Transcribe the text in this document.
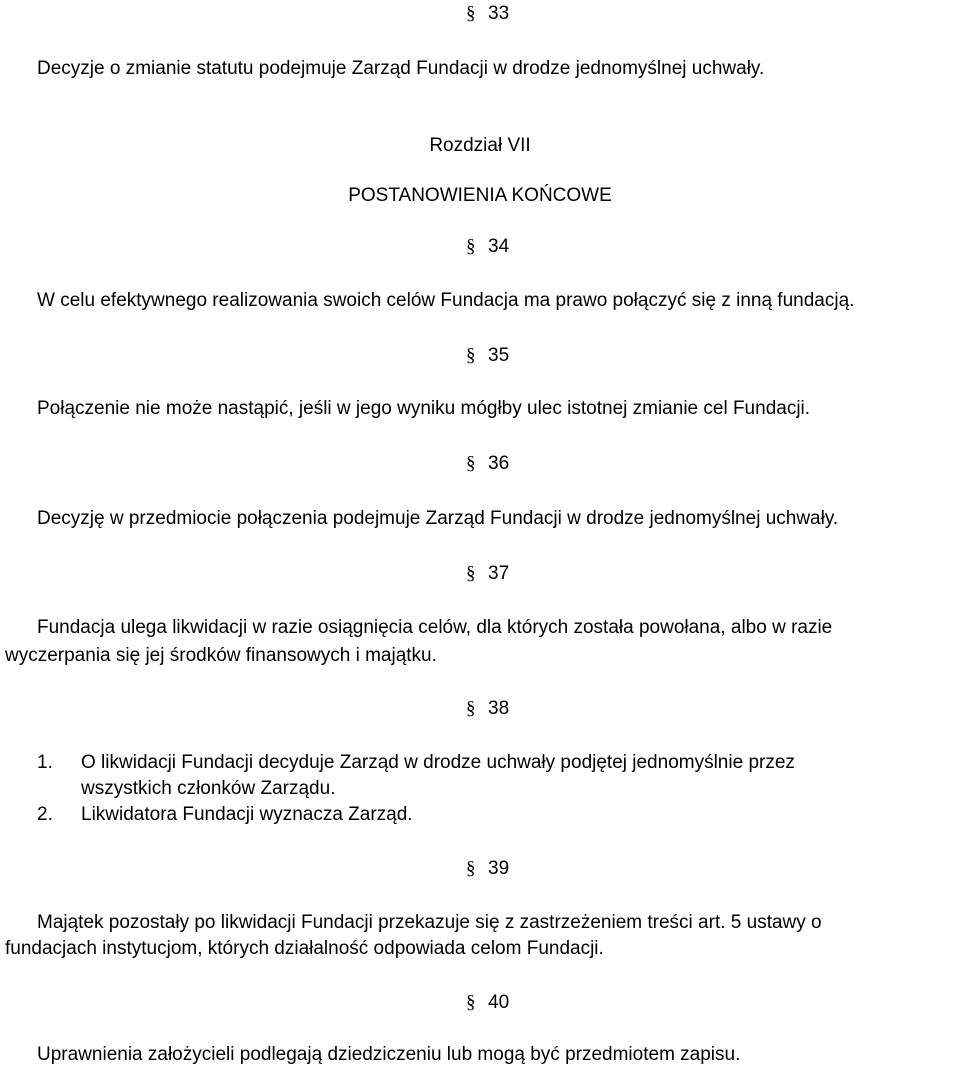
§ 33
Decyzje o zmianie statutu podejmuje Zarząd Fundacji w drodze jednomyślnej uchwały.
Rozdział VII
POSTANOWIENIA KOŃCOWE
§ 34
W celu efektywnego realizowania swoich celów Fundacja ma prawo połączyć się z inną fundacją.
§ 35
Połączenie nie może nastąpić, jeśli w jego wyniku mógłby ulec istotnej zmianie cel Fundacji.
§ 36
Decyzję w przedmiocie połączenia podejmuje Zarząd Fundacji w drodze jednomyślnej uchwały.
§ 37
Fundacja ulega likwidacji w razie osiągnięcia celów, dla których została powołana, albo w razie
wyczerpania się jej środków finansowych i majątku.
§ 38
1. O likwidacji Fundacji decyduje Zarząd w drodze uchwały podjętej jednomyślnie przez
wszystkich członków Zarządu.
2. Likwidatora Fundacji wyznacza Zarząd.
§ 39
Majątek pozostały po likwidacji Fundacji przekazuje się z zastrzeżeniem treści art. 5 ustawy o
fundacjach instytucjom, których działalność odpowiada celom Fundacji.
§ 40
Uprawnienia założycieli podlegają dziedziczeniu lub mogą być przedmiotem zapisu.
